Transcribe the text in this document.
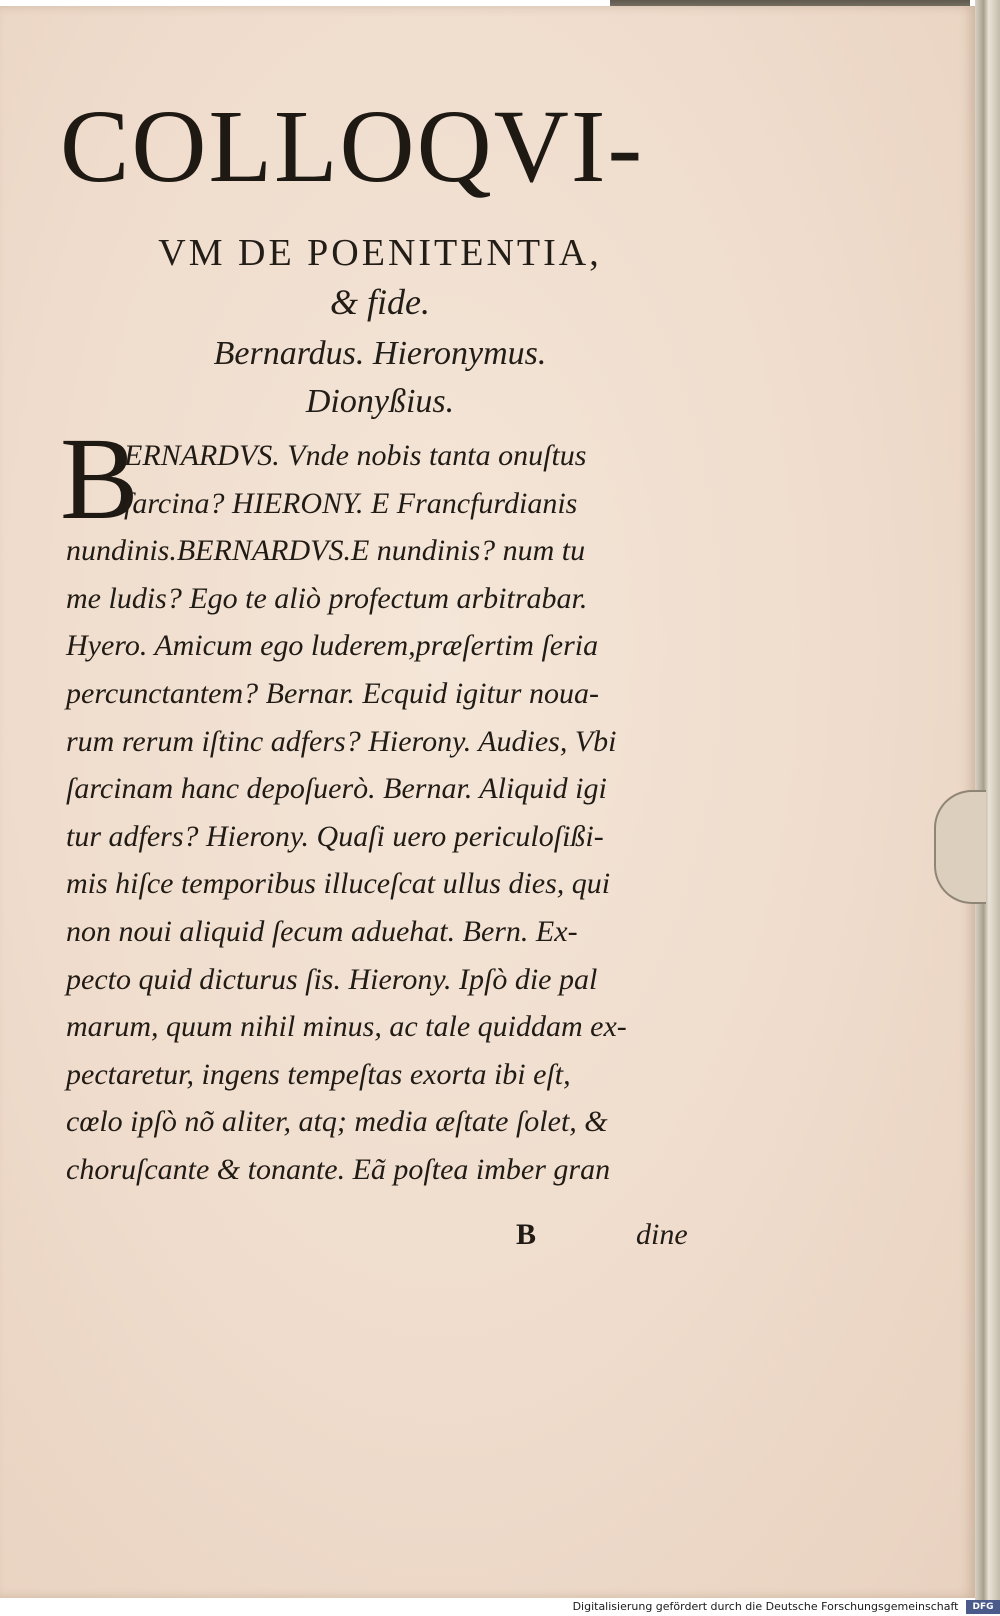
COLLOQVI-
VM DE POENITENTIA,
& fide.
Bernardus. Hieronymus.
Dionyßius.
B
ERNARDVS. Vnde nobis tanta onuſtus
ſarcina? HIERONY. E Francfurdianis
nundinis.BERNARDVS.E nundinis? num tu
me ludis? Ego te aliò profectum arbitrabar.
Hyero. Amicum ego luderem,præſertim ſeria
percunctantem? Bernar. Ecquid igitur noua-
rum rerum iſtinc adfers? Hierony. Audies, Vbi
ſarcinam hanc depoſuerò. Bernar. Aliquid igi
tur adfers? Hierony. Quaſi uero periculoſißi-
mis hiſce temporibus illuceſcat ullus dies, qui
non noui aliquid ſecum aduehat. Bern. Ex-
pecto quid dicturus ſis. Hierony. Ipſò die pal
marum, quum nihil minus, ac tale quiddam ex-
pectaretur, ingens tempeſtas exorta ibi eſt,
cœlo ipſò nõ aliter, atq; media æſtate ſolet, &
choruſcante & tonante. Eã poſtea imber gran
B	dine
Digitalisierung gefördert durch die Deutsche Forschungsgemeinschaft DFG
